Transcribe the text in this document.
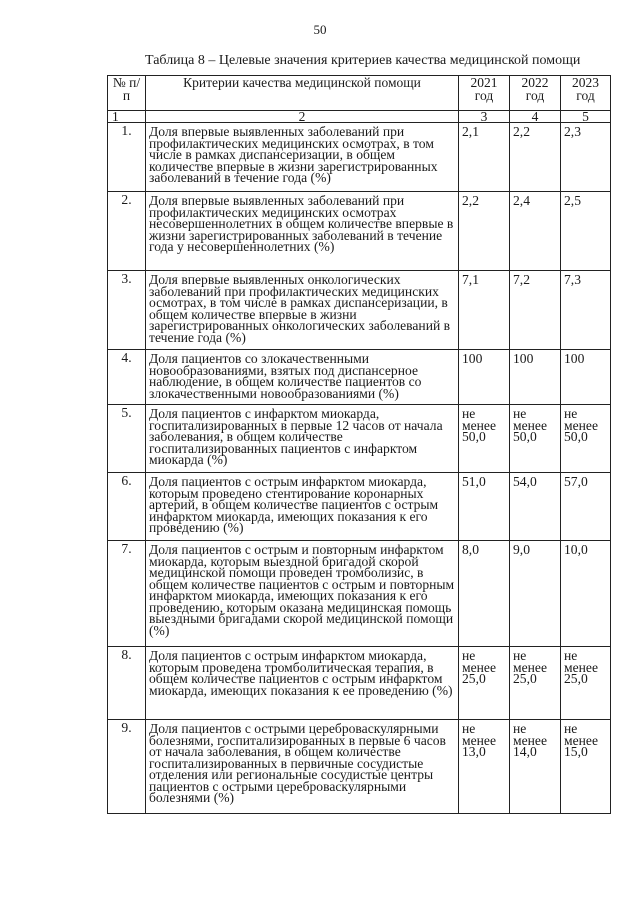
50
Таблица 8 – Целевые значения критериев качества медицинской помощи
№ п/п	Критерии качества медицинской помощи	2021 год	2022 год	2023 год
1	2	3	4	5
1.	Доля впервые выявленных заболеваний при профилактических медицинских осмотрах, в том числе в рамках диспансеризации, в общем количестве впервые в жизни зарегистрированных заболеваний в течение года (%)	2,1	2,2	2,3
2.	Доля впервые выявленных заболеваний при профилактических медицинских осмотрах несовершеннолетних в общем количестве впервые в жизни зарегистрированных заболеваний в течение года у несовершеннолетних (%)	2,2	2,4	2,5
3.	Доля впервые выявленных онкологических заболеваний при профилактических медицинских осмотрах, в том числе в рамках диспансеризации, в общем количестве впервые в жизни зарегистрированных онкологических заболеваний в течение года (%)	7,1	7,2	7,3
4.	Доля пациентов со злокачественными новообразованиями, взятых под диспансерное наблюдение, в общем количестве пациентов со злокачественными новообразованиями (%)	100	100	100
5.	Доля пациентов с инфарктом миокарда, госпитализированных в первые 12 часов от начала заболевания, в общем количестве госпитализированных пациентов с инфарктом миокарда (%)	не менее 50,0	не менее 50,0	не менее 50,0
6.	Доля пациентов с острым инфарктом миокарда, которым проведено стентирование коронарных артерий, в общем количестве пациентов с острым инфарктом миокарда, имеющих показания к его проведению (%)	51,0	54,0	57,0
7.	Доля пациентов с острым и повторным инфарктом миокарда, которым выездной бригадой скорой медицинской помощи проведен тромболизис, в общем количестве пациентов с острым и повторным инфарктом миокарда, имеющих показания к его проведению, которым оказана медицинская помощь выездными бригадами скорой медицинской помощи (%)	8,0	9,0	10,0
8.	Доля пациентов с острым инфарктом миокарда, которым проведена тромболитическая терапия, в общем количестве пациентов с острым инфарктом миокарда, имеющих показания к ее проведению (%)	не менее 25,0	не менее 25,0	не менее 25,0
9.	Доля пациентов с острыми цереброваскулярными болезнями, госпитализированных в первые 6 часов от начала заболевания, в общем количестве госпитализированных в первичные сосудистые отделения или региональные сосудистые центры пациентов с острыми цереброваскулярными болезнями (%)	не менее 13,0	не менее 14,0	не менее 15,0
